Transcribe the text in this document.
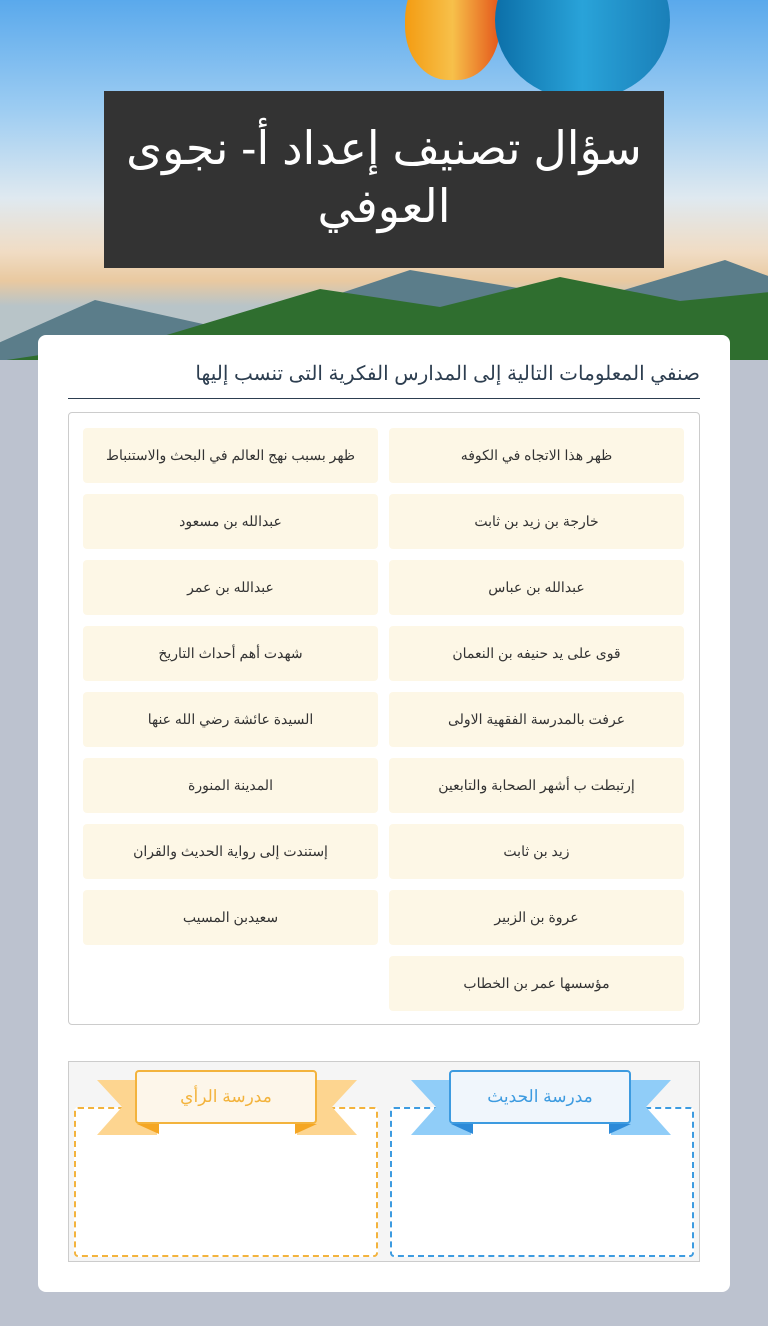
سؤال تصنيف إعداد أ- نجوى العوفي
صنفي المعلومات التالية إلى المدارس الفكرية التى تنسب إليها
ظهر هذا الاتجاه في الكوفه
ظهر بسبب نهج العالم في البحث والاستنباط
خارجة بن زيد بن ثابت
عبدالله بن مسعود
عبدالله بن عباس
عبدالله بن عمر
قوى على يد حنيفه بن النعمان
شهدت أهم أحداث التاريخ
عرفت بالمدرسة الفقهية الاولى
السيدة عائشة رضي الله عنها
إرتبطت ب أشهر الصحابة والتابعين
المدينة المنورة
زيد بن ثابت
إستندت إلى رواية الحديث والقران
عروة بن الزبير
سعيدبن المسيب
مؤسسها عمر بن الخطاب
مدرسة الحديث
مدرسة الرأي
